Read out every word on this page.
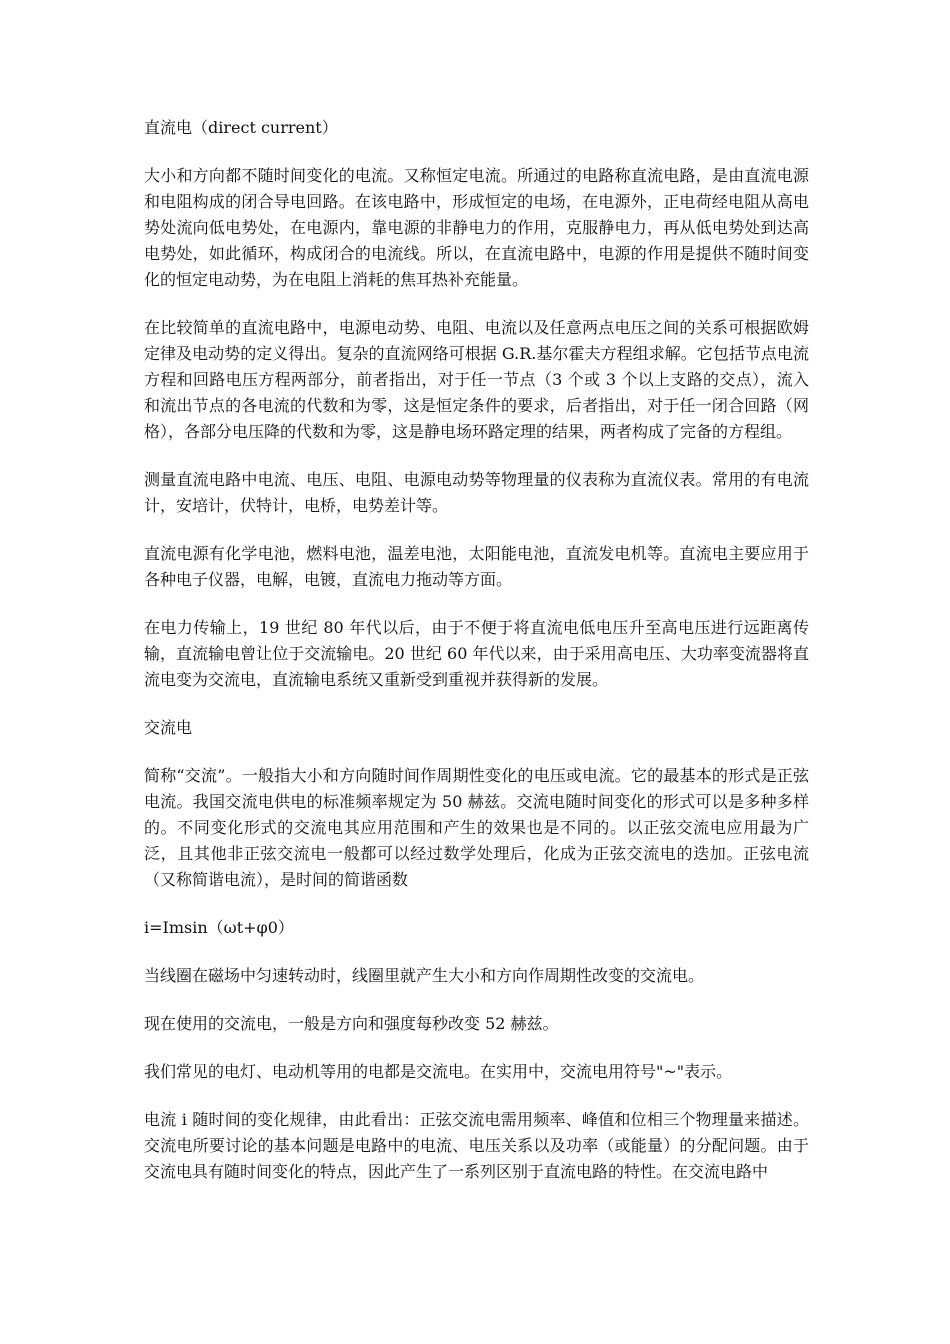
直流电（direct current）

大小和方向都不随时间变化的电流。又称恒定电流。所通过的电路称直流电路，是由直流电源和电阻构成的闭合导电回路。在该电路中，形成恒定的电场，在电源外，正电荷经电阻从高电势处流向低电势处，在电源内，靠电源的非静电力的作用，克服静电力，再从低电势处到达高电势处，如此循环，构成闭合的电流线。所以，在直流电路中，电源的作用是提供不随时间变化的恒定电动势，为在电阻上消耗的焦耳热补充能量。

在比较简单的直流电路中，电源电动势、电阻、电流以及任意两点电压之间的关系可根据欧姆定律及电动势的定义得出。复杂的直流网络可根据 G.R.基尔霍夫方程组求解。它包括节点电流方程和回路电压方程两部分，前者指出，对于任一节点（3 个或 3 个以上支路的交点），流入和流出节点的各电流的代数和为零，这是恒定条件的要求，后者指出，对于任一闭合回路（网格），各部分电压降的代数和为零，这是静电场环路定理的结果，两者构成了完备的方程组。

测量直流电路中电流、电压、电阻、电源电动势等物理量的仪表称为直流仪表。常用的有电流计，安培计，伏特计，电桥，电势差计等。

直流电源有化学电池，燃料电池，温差电池，太阳能电池，直流发电机等。直流电主要应用于各种电子仪器，电解，电镀，直流电力拖动等方面。

在电力传输上，19 世纪 80 年代以后，由于不便于将直流电低电压升至高电压进行远距离传输，直流输电曾让位于交流输电。20 世纪 60 年代以来，由于采用高电压、大功率变流器将直流电变为交流电，直流输电系统又重新受到重视并获得新的发展。

交流电

简称“交流”。一般指大小和方向随时间作周期性变化的电压或电流。它的最基本的形式是正弦电流。我国交流电供电的标准频率规定为 50 赫兹。交流电随时间变化的形式可以是多种多样的。不同变化形式的交流电其应用范围和产生的效果也是不同的。以正弦交流电应用最为广泛，且其他非正弦交流电一般都可以经过数学处理后，化成为正弦交流电的迭加。正弦电流（又称简谐电流），是时间的简谐函数

i=Imsin（ωt+φ0）

当线圈在磁场中匀速转动时，线圈里就产生大小和方向作周期性改变的交流电。

现在使用的交流电，一般是方向和强度每秒改变 52 赫兹。

我们常见的电灯、电动机等用的电都是交流电。在实用中，交流电用符号"~"表示。

电流 i 随时间的变化规律，由此看出：正弦交流电需用频率、峰值和位相三个物理量来描述。交流电所要讨论的基本问题是电路中的电流、电压关系以及功率（或能量）的分配问题。由于交流电具有随时间变化的特点，因此产生了一系列区别于直流电路的特性。在交流电路中
